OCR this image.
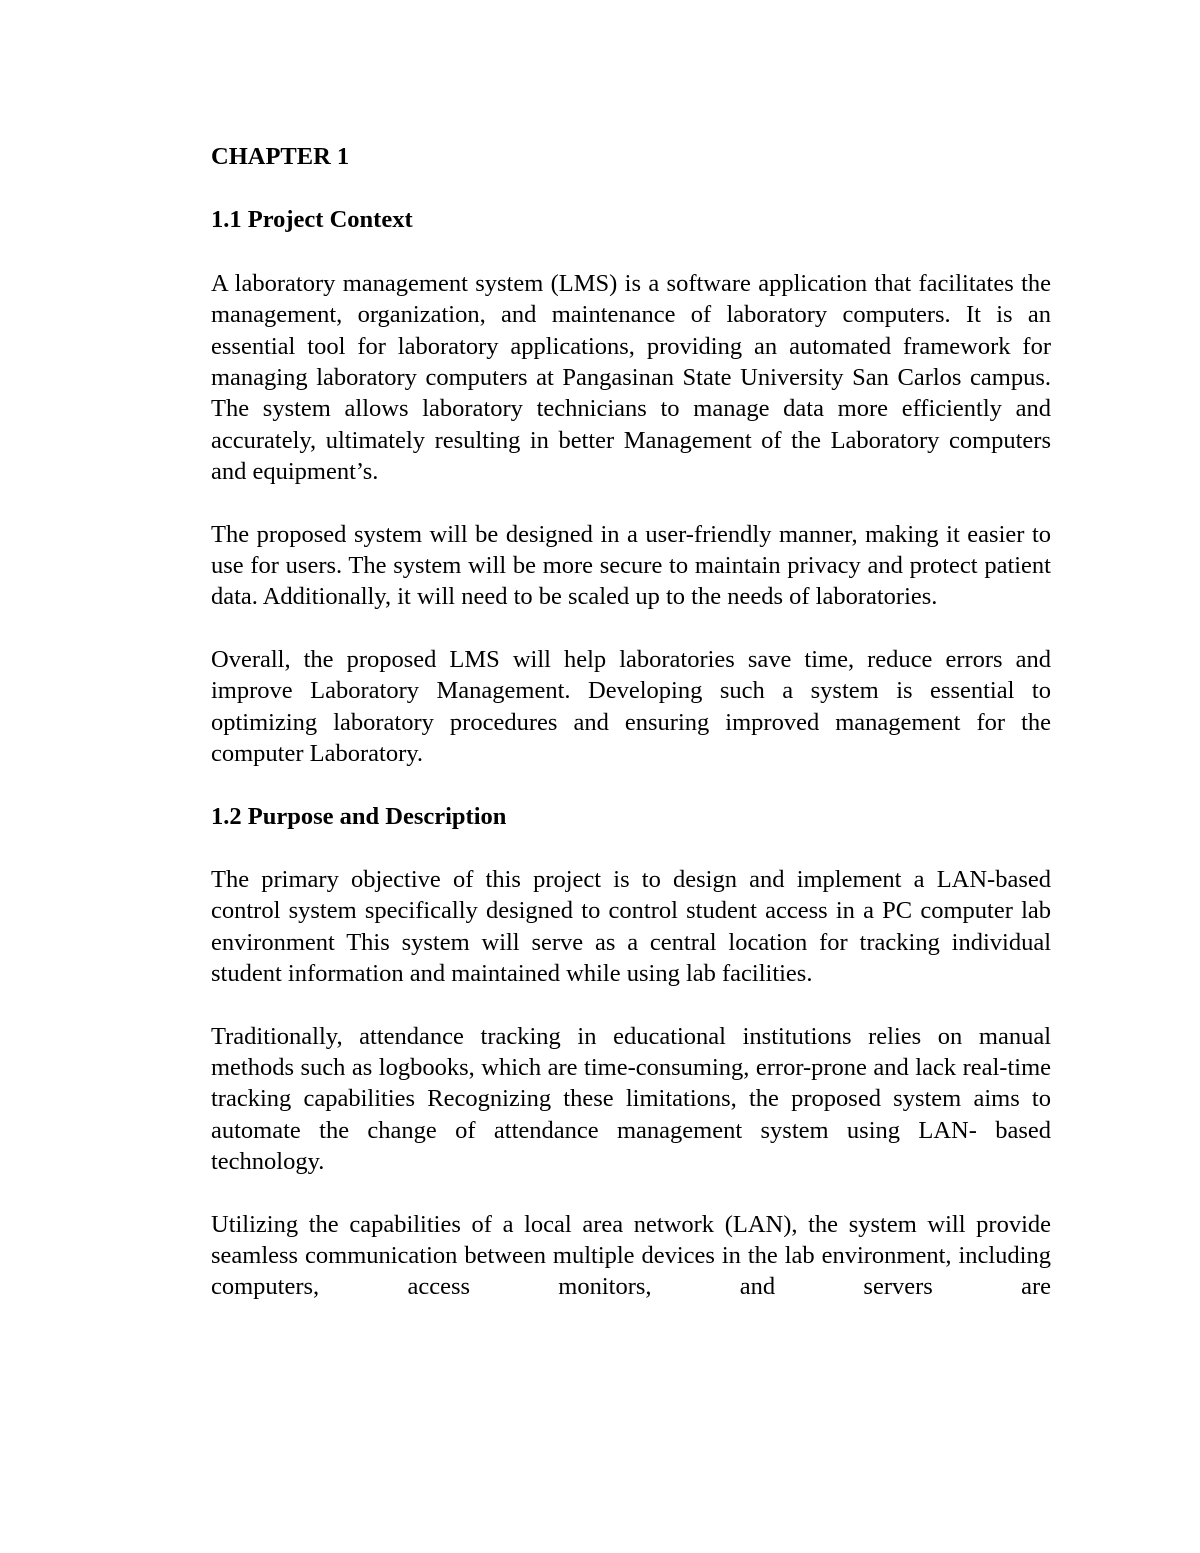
CHAPTER 1
1.1 Project Context

A laboratory management system (LMS) is a software application that facilitates the management, organization, and maintenance of laboratory computers. It is an essential tool for laboratory applications, providing an automated framework for managing laboratory computers at Pangasinan State University San Carlos campus. The system allows laboratory technicians to manage data more efficiently and accurately, ultimately resulting in better Management of the Laboratory computers and equipment’s.

The proposed system will be designed in a user-friendly manner, making it easier to use for users. The system will be more secure to maintain privacy and protect patient data. Additionally, it will need to be scaled up to the needs of laboratories.

Overall, the proposed LMS will help laboratories save time, reduce errors and improve Laboratory Management. Developing such a system is essential to optimizing laboratory procedures and ensuring improved management for the computer Laboratory.

1.2 Purpose and Description

The primary objective of this project is to design and implement a LAN-based control system specifically designed to control student access in a PC computer lab environment This system will serve as a central location for tracking individual student information and maintained while using lab facilities.

Traditionally, attendance tracking in educational institutions relies on manual methods such as logbooks, which are time-consuming, error-prone and lack real-time tracking capabilities Recognizing these limitations, the proposed system aims to automate the change of attendance management system using LAN- based technology.

Utilizing the capabilities of a local area network (LAN), the system will provide seamless communication between multiple devices in the lab environment, including computers, access monitors, and servers are
